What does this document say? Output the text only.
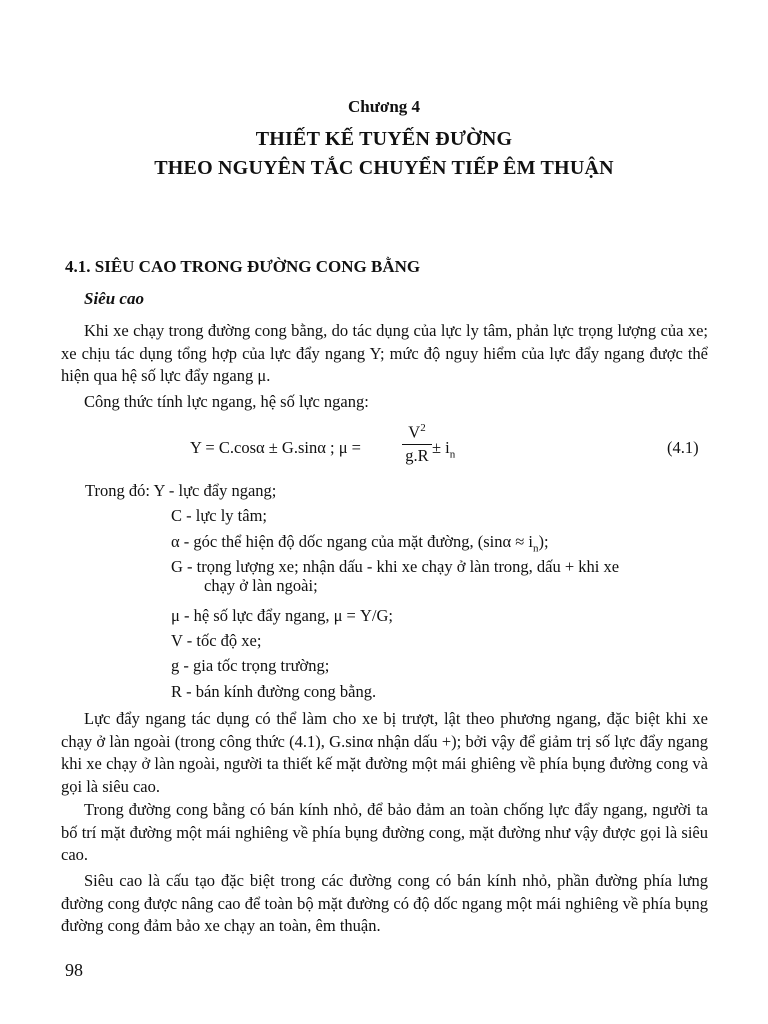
Chương 4
THIẾT KẾ TUYẾN ĐƯỜNG
THEO NGUYÊN TẮC CHUYỂN TIẾP ÊM THUẬN
4.1. SIÊU CAO TRONG ĐƯỜNG CONG BẰNG
Siêu cao

Khi xe chạy trong đường cong bằng, do tác dụng của lực ly tâm, phản lực trọng lượng của xe; xe chịu tác dụng tổng hợp của lực đẩy ngang Y; mức độ nguy hiểm của lực đẩy ngang được thể hiện qua hệ số lực đẩy ngang μ.

Công thức tính lực ngang, hệ số lực ngang:

Y = C.cosα ± G.sinα ; μ =
$V^2$
$g.R \pm i_n$	(4.1)
Trong đó: Y - lực đẩy ngang;
C - lực ly tâm;
α - góc thể hiện độ dốc ngang của mặt đường, $(\sin\alpha \approx i_n)$;
G - trọng lượng xe; nhận dấu - khi xe chạy ở làn trong, dấu + khi xe
chạy ở làn ngoài;
μ - hệ số lực đẩy ngang, μ = Y/G;
V - tốc độ xe;
g - gia tốc trọng trường;
R - bán kính đường cong bằng.

Lực đẩy ngang tác dụng có thể làm cho xe bị trượt, lật theo phương ngang, đặc biệt khi xe chạy ở làn ngoài (trong công thức (4.1), G.sinα nhận dấu +); bởi vậy để giảm trị số lực đẩy ngang khi xe chạy ở làn ngoài, người ta thiết kế mặt đường một mái ghiêng về phía bụng đường cong và gọi là siêu cao.

Trong đường cong bằng có bán kính nhỏ, để bảo đảm an toàn chống lực đẩy ngang, người ta bố trí mặt đường một mái nghiêng về phía bụng đường cong, mặt đường như vậy được gọi là siêu cao.

Siêu cao là cấu tạo đặc biệt trong các đường cong có bán kính nhỏ, phần đường phía lưng đường cong được nâng cao để toàn bộ mặt đường có độ dốc ngang một mái nghiêng về phía bụng đường cong đảm bảo xe chạy an toàn, êm thuận.

98
